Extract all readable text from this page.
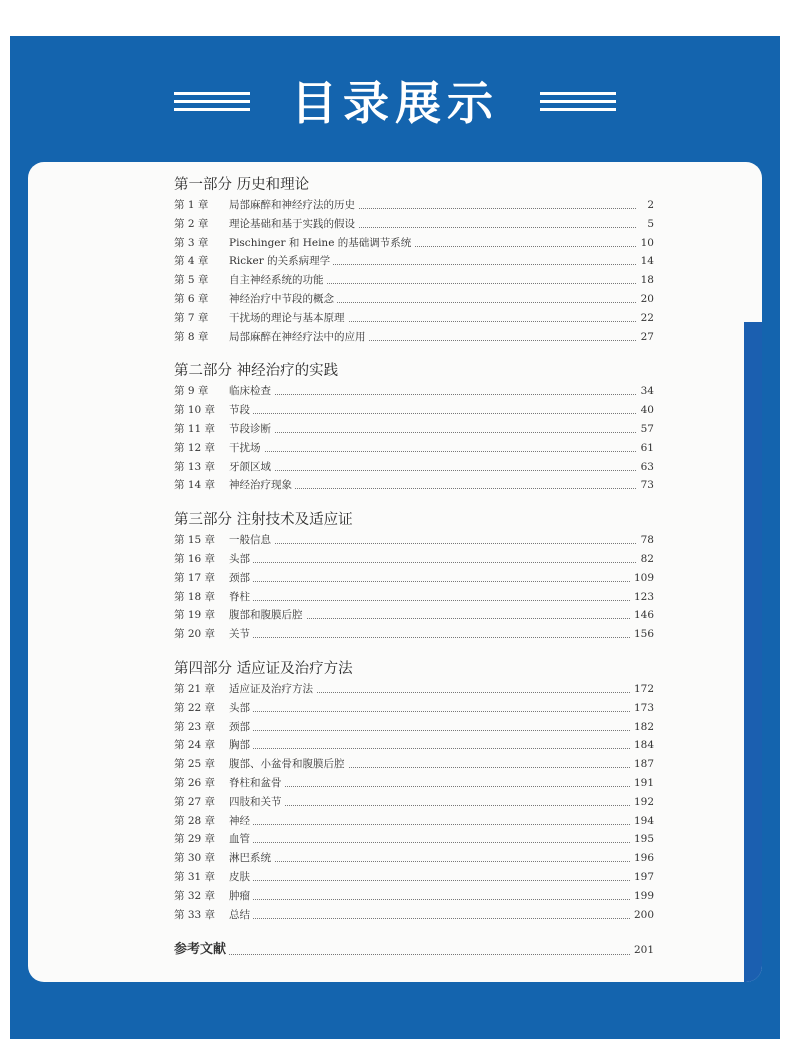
目录展示
第一部分 历史和理论
第 1 章 局部麻醉和神经疗法的历史	2
第 2 章 理论基础和基于实践的假设	5
第 3 章 Pischinger 和 Heine 的基础调节系统	10
第 4 章 Ricker 的关系病理学	14
第 5 章 自主神经系统的功能	18
第 6 章 神经治疗中节段的概念	20
第 7 章 干扰场的理论与基本原理	22
第 8 章 局部麻醉在神经疗法中的应用	27
第二部分 神经治疗的实践
第 9 章 临床检查	34
第 10 章 节段	40
第 11 章 节段诊断	57
第 12 章 干扰场	61
第 13 章 牙颌区域	63
第 14 章 神经治疗现象	73
第三部分 注射技术及适应证
第 15 章 一般信息	78
第 16 章 头部	82
第 17 章 颈部	109
第 18 章 脊柱	123
第 19 章 腹部和腹膜后腔	146
第 20 章 关节	156
第四部分 适应证及治疗方法
第 21 章 适应证及治疗方法	172
第 22 章 头部	173
第 23 章 颈部	182
第 24 章 胸部	184
第 25 章 腹部、小盆骨和腹膜后腔	187
第 26 章 脊柱和盆骨	191
第 27 章 四肢和关节	192
第 28 章 神经	194
第 29 章 血管	195
第 30 章 淋巴系统	196
第 31 章 皮肤	197
第 32 章 肿瘤	199
第 33 章 总结	200
参考文献	201
